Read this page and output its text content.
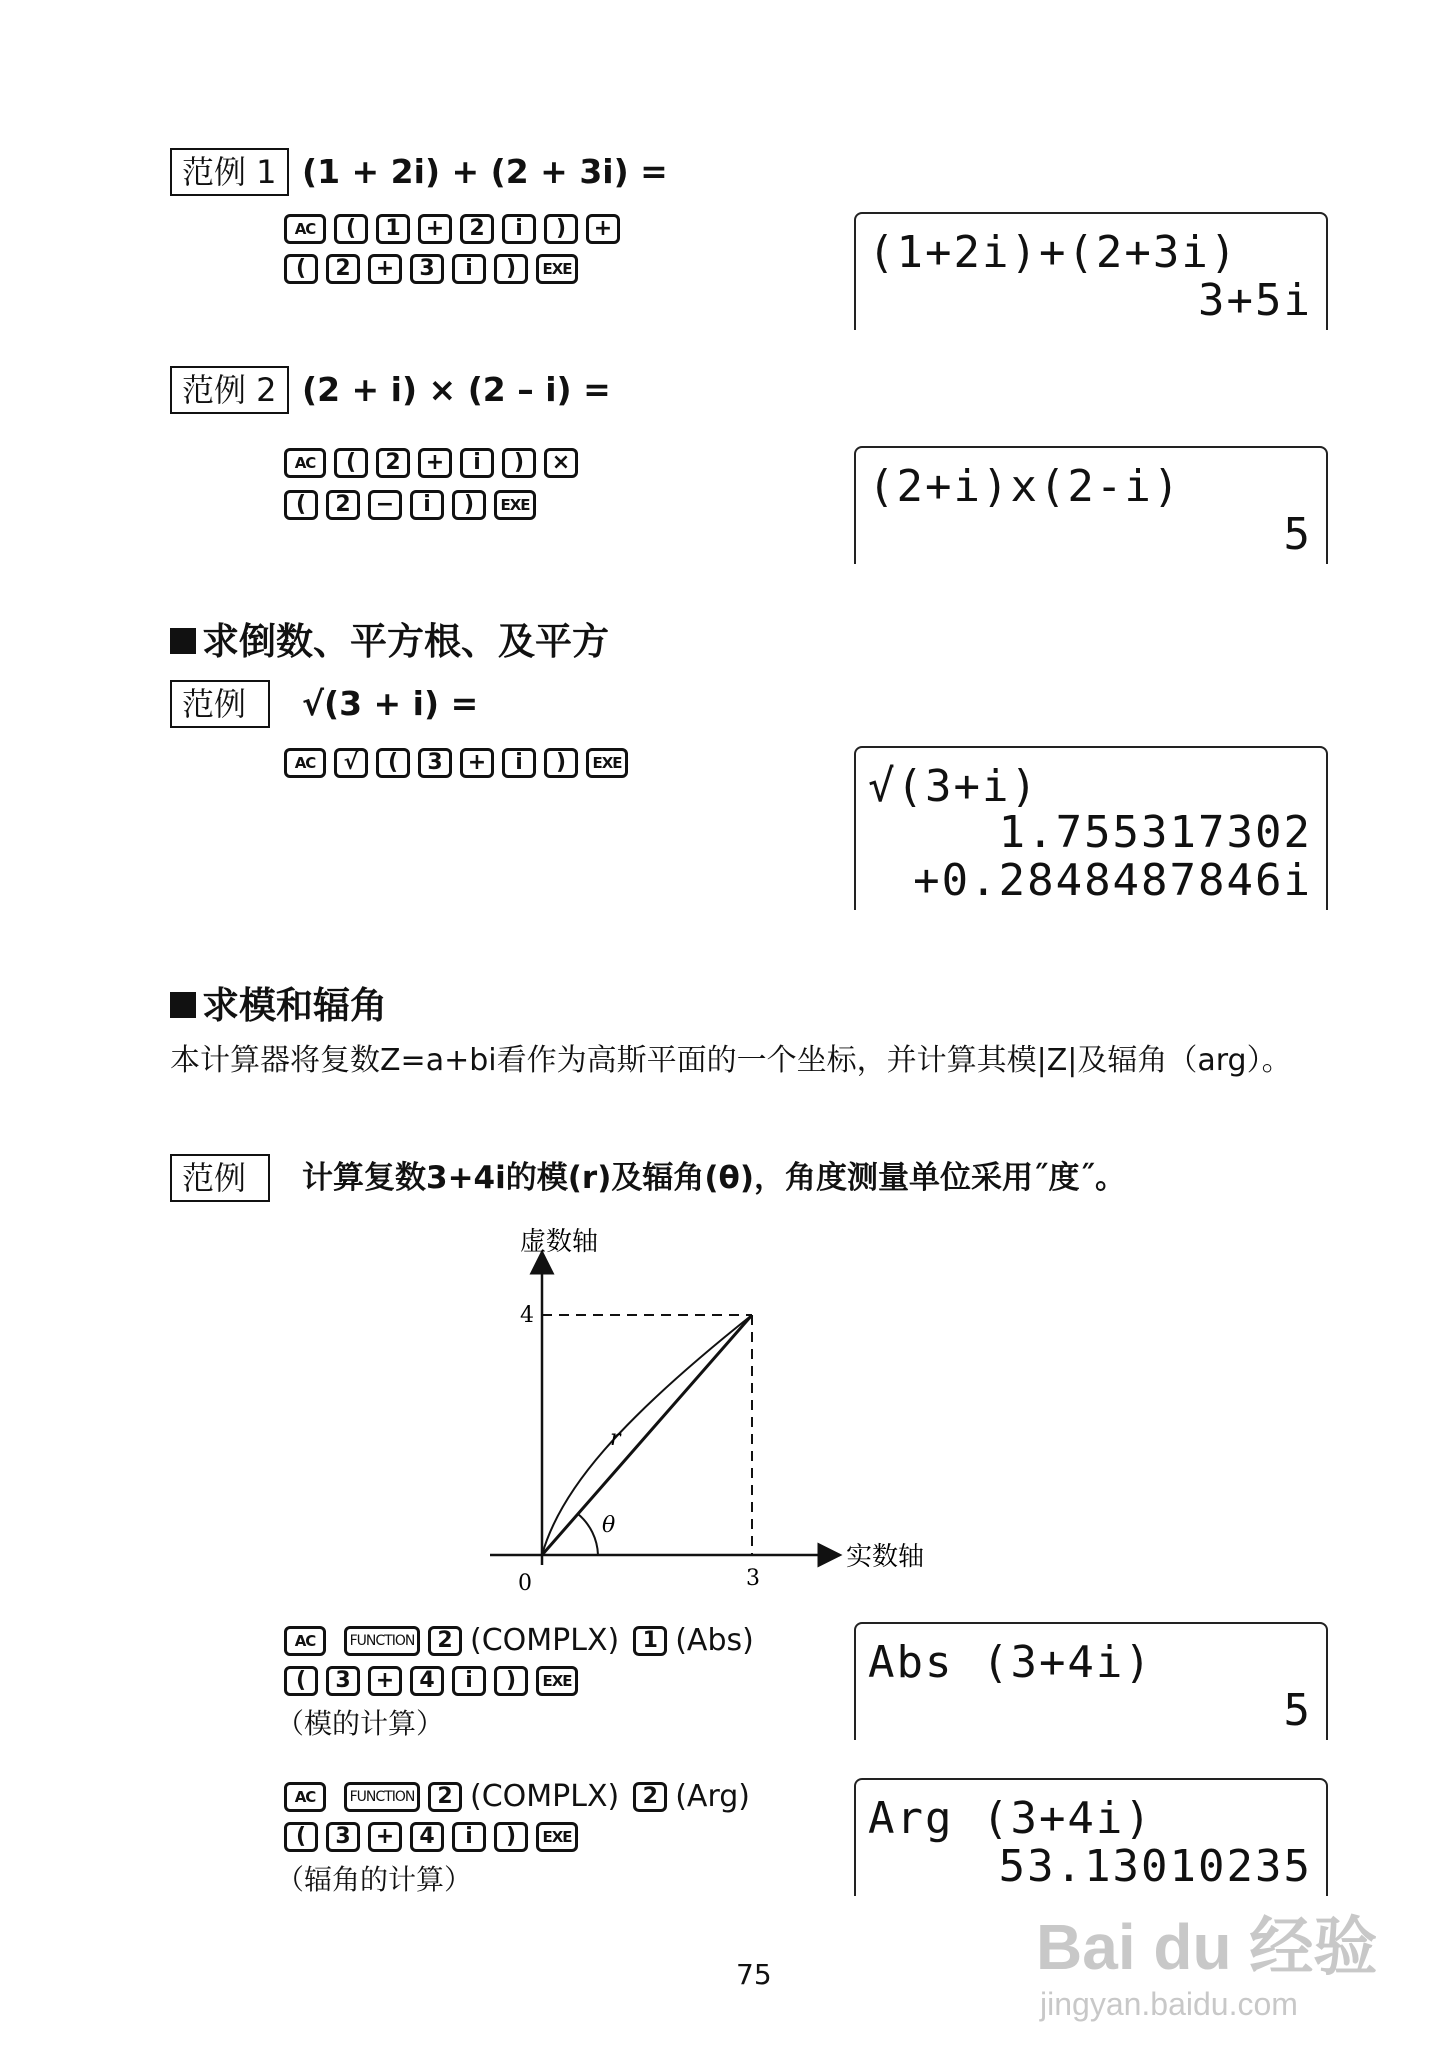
范例 1 (1 + 2i) + (2 + 3i) =
AC	(	1	+	2	i	)	+
(	2	+	3	i	)	EXE	(1+2i)+(2+3i)
3+5i
范例 2 (2 + i) × (2 – i) =
AC	(	2	+	i	)	×
(	2	−	i	)	EXE	(2+i)x(2-i)
5
求倒数、平方根、及平方
范例	√(3 + i) =
AC	√	(	3	+	i	)	EXE	√(3+i)
1.755317302
+0.2848487846i
求模和辐角
本计算器将复数Z=a+bi看作为高斯平面的一个坐标，并计算其模|Z|及辐角（arg）。
范例	计算复数3+4i的模(r)及辐角(θ)，角度测量单位采用˝度˝。
虚数轴
实数轴
4
3
0
r
θ
AC	FUNCTION	2 (COMPLX)	1 (Abs)
(	3	+	4	i	)	EXE
（模的计算）
Abs (3+4i)
5
AC	FUNCTION	2 (COMPLX)	2 (Arg)
(	3	+	4	i	)	EXE
（辐角的计算）
Arg (3+4i)
53.13010235
75	Bai du 经验
jingyan.baidu.com
